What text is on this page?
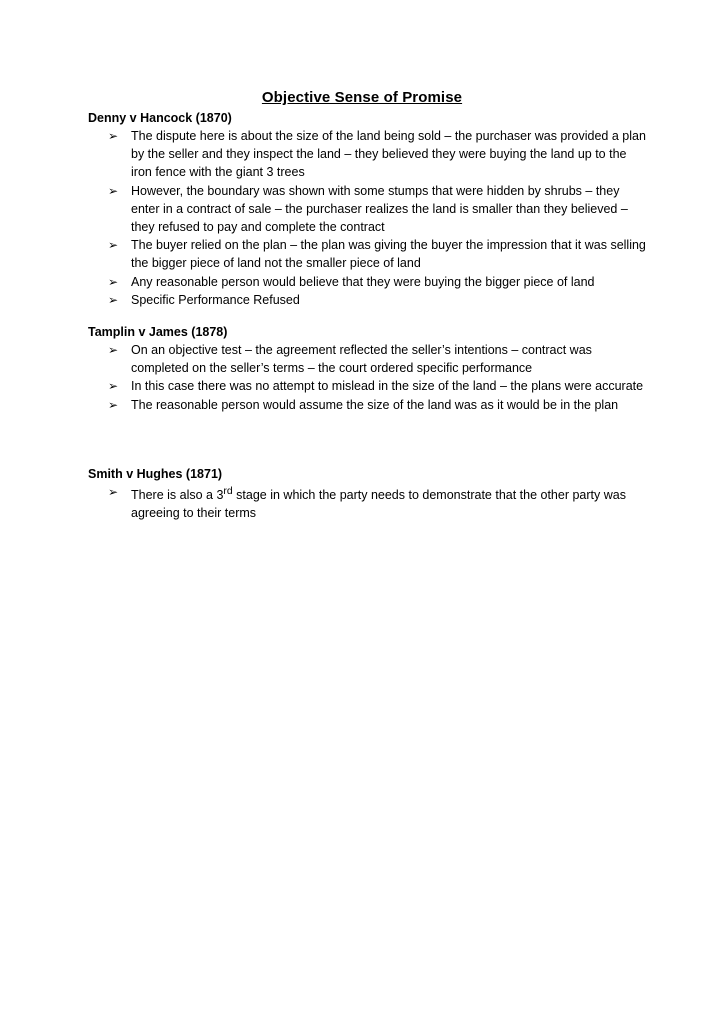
Objective Sense of Promise
Denny v Hancock (1870)
➢ The dispute here is about the size of the land being sold – the purchaser was provided a plan by the seller and they inspect the land – they believed they were buying the land up to the iron fence with the giant 3 trees
➢ However, the boundary was shown with some stumps that were hidden by shrubs – they enter in a contract of sale – the purchaser realizes the land is smaller than they believed – they refused to pay and complete the contract
➢ The buyer relied on the plan – the plan was giving the buyer the impression that it was selling the bigger piece of land not the smaller piece of land
➢ Any reasonable person would believe that they were buying the bigger piece of land
➢ Specific Performance Refused
Tamplin v James (1878)
➢ On an objective test – the agreement reflected the seller’s intentions – contract was completed on the seller’s terms – the court ordered specific performance
➢ In this case there was no attempt to mislead in the size of the land – the plans were accurate
➢ The reasonable person would assume the size of the land was as it would be in the plan
Smith v Hughes (1871)
➢ There is also a 3rd stage in which the party needs to demonstrate that the other party was agreeing to their terms
